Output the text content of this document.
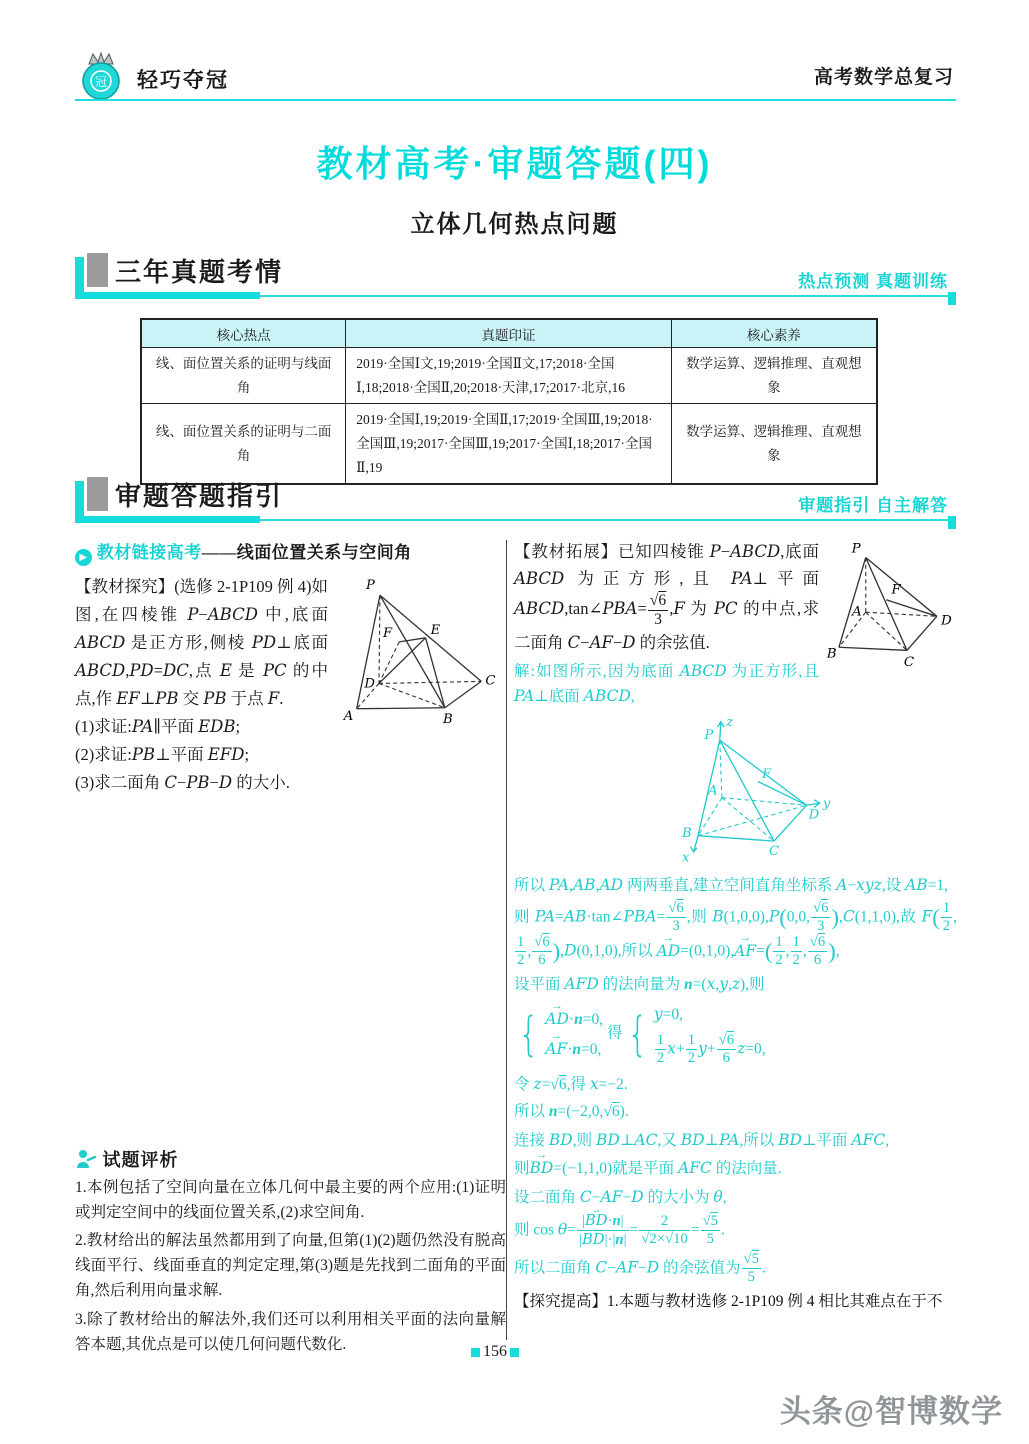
冠 轻巧夺冠	高考数学总复习
教材高考·审题答题(四)
立体几何热点问题
三年真题考情	热点预测 真题训练
核心热点	真题印证	核心素养
线、面位置关系的证明与线面角	2019·全国Ⅰ文,19;2019·全国Ⅱ文,17;2018·全国Ⅰ,18;2018·全国Ⅱ,20;2018·天津,17;2017·北京,16	数学运算、逻辑推理、直观想象
线、面位置关系的证明与二面角	2019·全国Ⅰ,19;2019·全国Ⅱ,17;2019·全国Ⅲ,19;2018·全国Ⅲ,19;2017·全国Ⅲ,19;2017·全国Ⅰ,18;2017·全国Ⅱ,19	数学运算、逻辑推理、直观想象
审题答题指引	审题指引 自主解答
▶ 教材链接高考——线面位置关系与空间角
P
A	B
C
D
E
F
【教材探究】(选修 2-1P109 例 4)如图,在四棱锥 P−ABCD 中,底面 ABCD 是正方形,侧棱 PD⊥底面 ABCD,PD=DC,点 E 是 PC 的中点,作 EF⊥PB 交 PB 于点 F.
(1)求证:PA∥平面 EDB;
(2)求证:PB⊥平面 EFD;
(3)求二面角 C−PB−D 的大小.
试题评析
1.本例包括了空间向量在立体几何中最主要的两个应用:(1)证明或判定空间中的线面位置关系,(2)求空间角.
2.教材给出的解法虽然都用到了向量,但第(1)(2)题仍然没有脱高线面平行、线面垂直的判定定理,第(3)题是先找到二面角的平面角,然后利用向量求解.
3.除了教材给出的解法外,我们还可以利用相关平面的法向量解答本题,其优点是可以使几何问题代数化.
P
B
C
D
A
F
【教材拓展】已知四棱锥 P−ABCD,底面 ABCD 为正方形,且 PA⊥平面 ABCD,tan∠PBA= $\frac{√6}{3} ,F$ 为 PC 的中点,求二面角 C−AF−D 的余弦值.
解:如图所示,因为底面 ABCD 为正方形,且 PA⊥底面 ABCD,
z
P
F
A
D
y
B
C
x
所以 PA,AB,AD 两两垂直,建立空间直角坐标系 A−xyz,设 AB=1,
则 PA=AB·tan∠PBA= $\frac{√6}{3}$ ,则 B(1,0,0),P(0,0, $\frac{√6}{3} ),C(1,1,0)$,故 $F( \frac{1}{2}$ ,
$\frac{1}{2}$ , $\frac{√6}{6} ),D(0,1,0)$,所以 AD →=(0,1,0),AF →=( $\frac{1}{2}$ , $\frac{1}{2}$ , $\frac{√6}{6}$ ),
设平面 AFD 的法向量为 n=(x,y,z),则
{ AD →·n=0,
AF →·n=0,
得 { y=0,
$\frac{1}{2} x+ \frac{1}{2} y+ \frac{√6}{6} z=0$,
令 z=√6,得 x=−2.
所以 n=(−2,0,√6).
连接 BD,则 BD⊥AC,又 BD⊥PA,所以 BD⊥平面 AFC,
则BD →=(−1,1,0)就是平面 AFC 的法向量.
设二面角 C−AF−D 的大小为 θ,
则 $\cos \theta= \frac{|BD \to\cdot n|}{|BD \to|\cdot|n|} = \frac{2}{√2\times√10} = \frac{√5}{5}$ .
所以二面角 C−AF−D 的余弦值为 $\frac{√5}{5}$ .
【探究提高】1.本题与教材选修 2-1P109 例 4 相比其难点在于不
156
头条@智博数学
